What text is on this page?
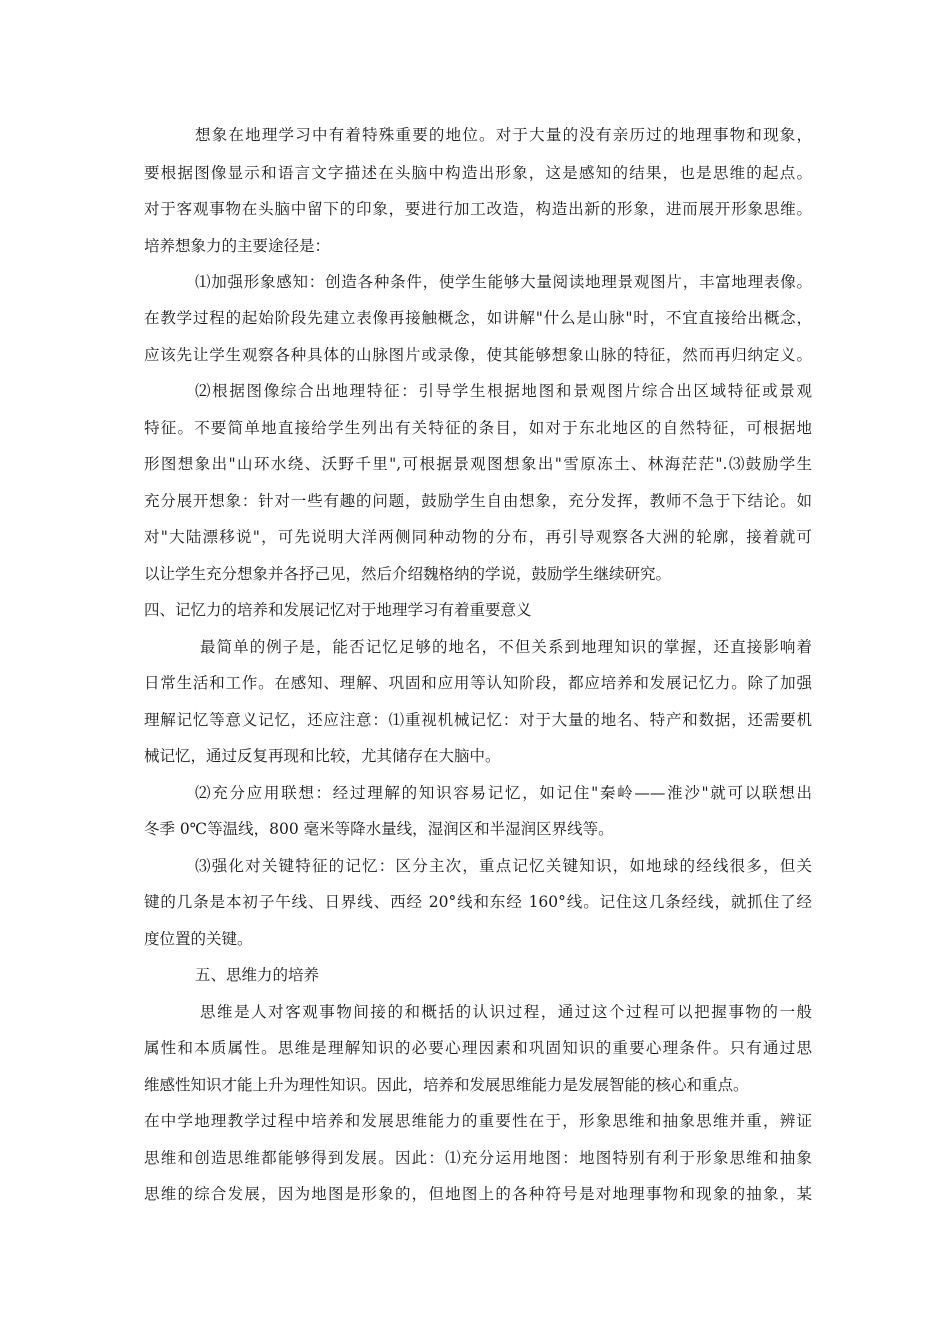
想象在地理学习中有着特殊重要的地位。对于大量的没有亲历过的地理事物和现象，
要根据图像显示和语言文字描述在头脑中构造出形象，这是感知的结果，也是思维的起点。
对于客观事物在头脑中留下的印象，要进行加工改造，构造出新的形象，进而展开形象思维。
培养想象力的主要途径是：
⑴加强形象感知：创造各种条件，使学生能够大量阅读地理景观图片，丰富地理表像。
在教学过程的起始阶段先建立表像再接触概念，如讲解"什么是山脉"时，不宜直接给出概念，
应该先让学生观察各种具体的山脉图片或录像，使其能够想象山脉的特征，然而再归纳定义。
⑵根据图像综合出地理特征：引导学生根据地图和景观图片综合出区域特征或景观
特征。不要简单地直接给学生列出有关特征的条目，如对于东北地区的自然特征，可根据地
形图想象出"山环水绕、沃野千里",可根据景观图想象出"雪原冻土、林海茫茫".⑶鼓励学生
充分展开想象：针对一些有趣的问题，鼓励学生自由想象，充分发挥，教师不急于下结论。如
对"大陆漂移说"，可先说明大洋两侧同种动物的分布，再引导观察各大洲的轮廓，接着就可
以让学生充分想象并各抒己见，然后介绍魏格纳的学说，鼓励学生继续研究。
四、记忆力的培养和发展记忆对于地理学习有着重要意义
最简单的例子是，能否记忆足够的地名，不但关系到地理知识的掌握，还直接影响着
日常生活和工作。在感知、理解、巩固和应用等认知阶段，都应培养和发展记忆力。除了加强
理解记忆等意义记忆，还应注意：⑴重视机械记忆：对于大量的地名、特产和数据，还需要机
械记忆，通过反复再现和比较，尤其储存在大脑中。
⑵充分应用联想：经过理解的知识容易记忆，如记住"秦岭——淮沙"就可以联想出
冬季 0℃等温线，800 毫米等降水量线，湿润区和半湿润区界线等。
⑶强化对关键特征的记忆：区分主次，重点记忆关键知识，如地球的经线很多，但关
键的几条是本初子午线、日界线、西经 20°线和东经 160°线。记住这几条经线，就抓住了经
度位置的关键。
五、思维力的培养
思维是人对客观事物间接的和概括的认识过程，通过这个过程可以把握事物的一般
属性和本质属性。思维是理解知识的必要心理因素和巩固知识的重要心理条件。只有通过思
维感性知识才能上升为理性知识。因此，培养和发展思维能力是发展智能的核心和重点。
在中学地理教学过程中培养和发展思维能力的重要性在于，形象思维和抽象思维并重，辨证
思维和创造思维都能够得到发展。因此：⑴充分运用地图：地图特别有利于形象思维和抽象
思维的综合发展，因为地图是形象的，但地图上的各种符号是对地理事物和现象的抽象，某
